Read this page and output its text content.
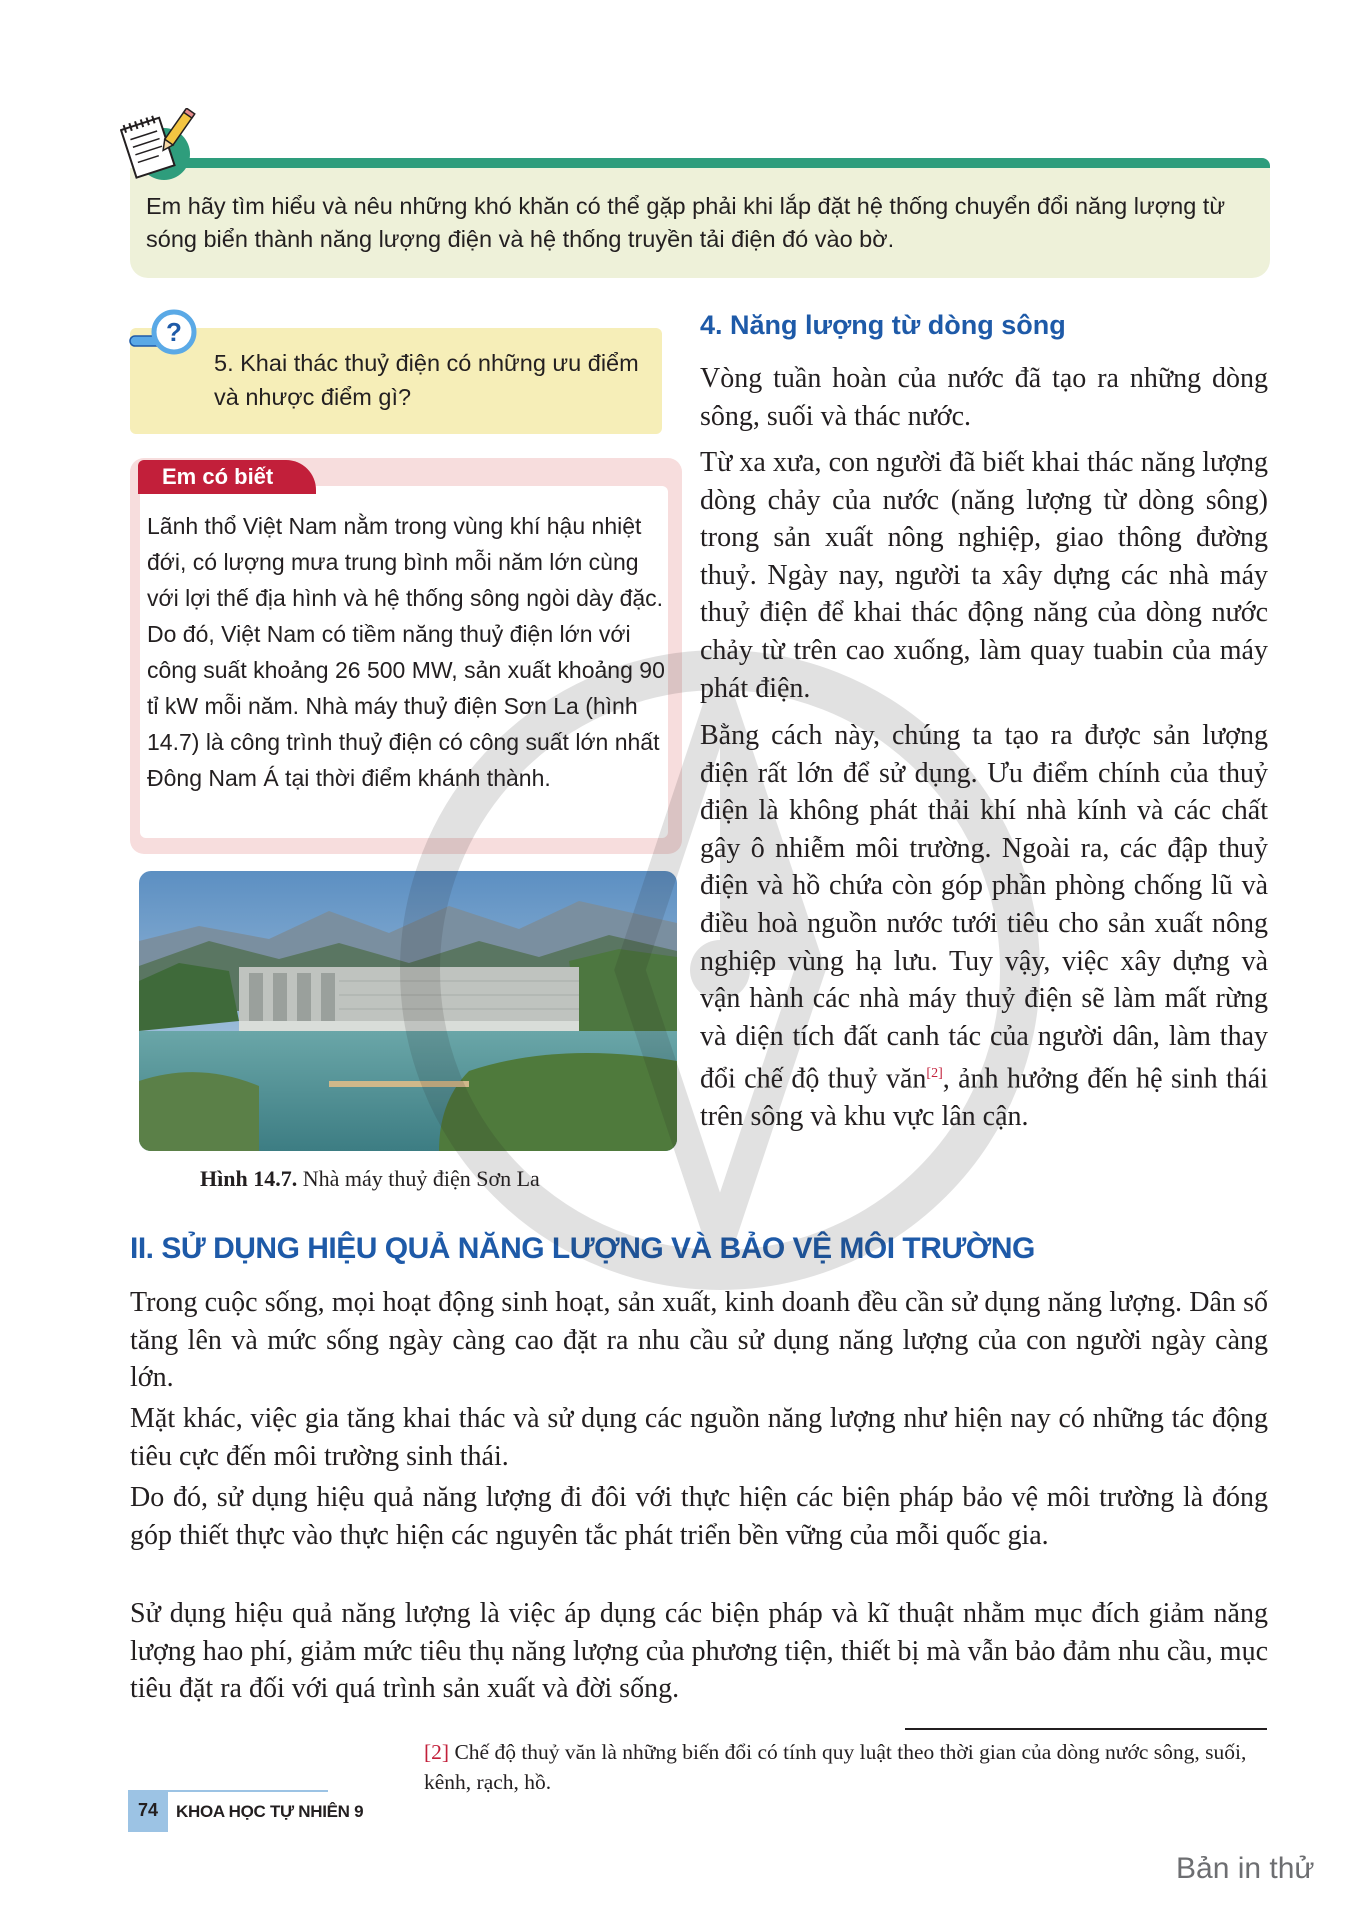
Em hãy tìm hiểu và nêu những khó khăn có thể gặp phải khi lắp đặt hệ thống chuyển đổi năng lượng từ sóng biển thành năng lượng điện và hệ thống truyền tải điện đó vào bờ.
?
5. Khai thác thuỷ điện có những ưu điểm và nhược điểm gì?
Em có biết
Lãnh thổ Việt Nam nằm trong vùng khí hậu nhiệt đới, có lượng mưa trung bình mỗi năm lớn cùng với lợi thế địa hình và hệ thống sông ngòi dày đặc. Do đó, Việt Nam có tiềm năng thuỷ điện lớn với công suất khoảng 26 500 MW, sản xuất khoảng 90 tỉ kW mỗi năm. Nhà máy thuỷ điện Sơn La (hình 14.7) là công trình thuỷ điện có công suất lớn nhất Đông Nam Á tại thời điểm khánh thành.
Hình 14.7. Nhà máy thuỷ điện Sơn La
4. Năng lượng từ dòng sông
Vòng tuần hoàn của nước đã tạo ra những dòng sông, suối và thác nước.
Từ xa xưa, con người đã biết khai thác năng lượng dòng chảy của nước (năng lượng từ dòng sông) trong sản xuất nông nghiệp, giao thông đường thuỷ. Ngày nay, người ta xây dựng các nhà máy thuỷ điện để khai thác động năng của dòng nước chảy từ trên cao xuống, làm quay tuabin của máy phát điện.
Bằng cách này, chúng ta tạo ra được sản lượng điện rất lớn để sử dụng. Ưu điểm chính của thuỷ điện là không phát thải khí nhà kính và các chất gây ô nhiễm môi trường. Ngoài ra, các đập thuỷ điện và hồ chứa còn góp phần phòng chống lũ và điều hoà nguồn nước tưới tiêu cho sản xuất nông nghiệp vùng hạ lưu. Tuy vậy, việc xây dựng và vận hành các nhà máy thuỷ điện sẽ làm mất rừng và diện tích đất canh tác của người dân, làm thay đổi chế độ thuỷ văn[2], ảnh hưởng đến hệ sinh thái trên sông và khu vực lân cận.
II. SỬ DỤNG HIỆU QUẢ NĂNG LƯỢNG VÀ BẢO VỆ MÔI TRƯỜNG
Trong cuộc sống, mọi hoạt động sinh hoạt, sản xuất, kinh doanh đều cần sử dụng năng lượng. Dân số tăng lên và mức sống ngày càng cao đặt ra nhu cầu sử dụng năng lượng của con người ngày càng lớn.
Mặt khác, việc gia tăng khai thác và sử dụng các nguồn năng lượng như hiện nay có những tác động tiêu cực đến môi trường sinh thái.
Do đó, sử dụng hiệu quả năng lượng đi đôi với thực hiện các biện pháp bảo vệ môi trường là đóng góp thiết thực vào thực hiện các nguyên tắc phát triển bền vững của mỗi quốc gia.
Sử dụng hiệu quả năng lượng là việc áp dụng các biện pháp và kĩ thuật nhằm mục đích giảm năng lượng hao phí, giảm mức tiêu thụ năng lượng của phương tiện, thiết bị mà vẫn bảo đảm nhu cầu, mục tiêu đặt ra đối với quá trình sản xuất và đời sống.
[2] Chế độ thuỷ văn là những biến đổi có tính quy luật theo thời gian của dòng nước sông, suối, kênh, rạch, hồ.
74	KHOA HỌC TỰ NHIÊN 9
Bản in thử
